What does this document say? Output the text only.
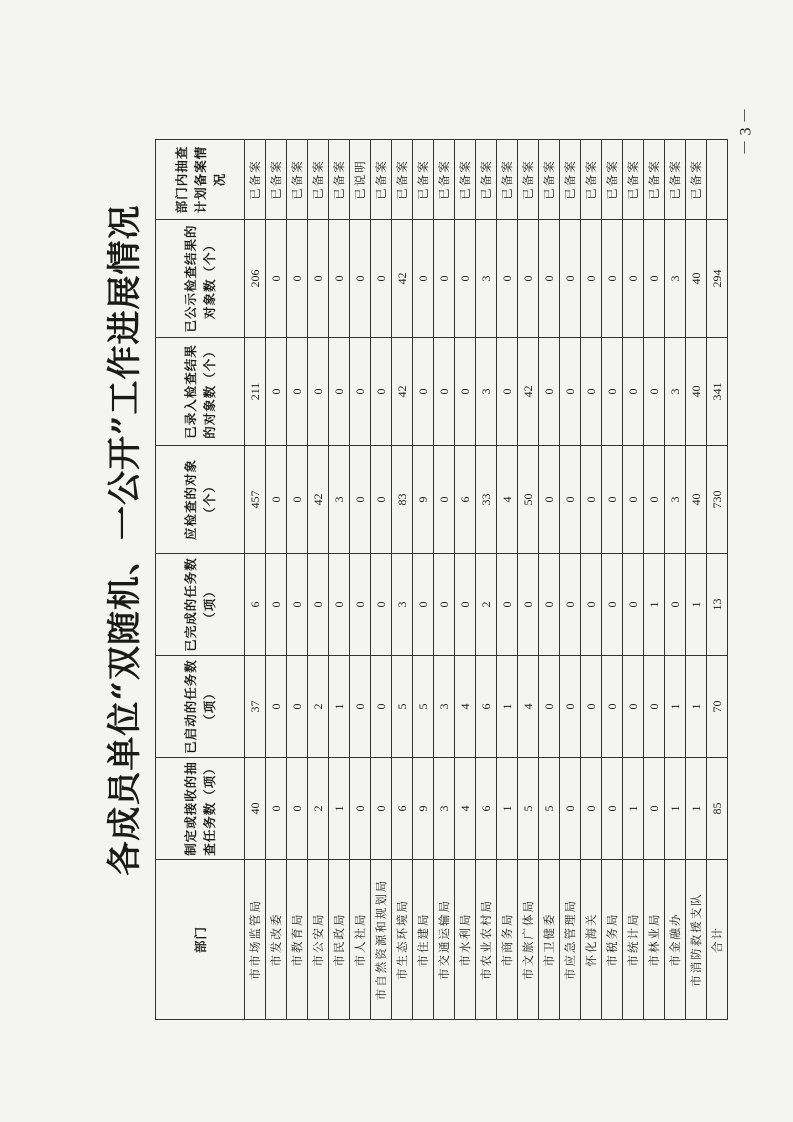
各成员单位“双随机、一公开”工作进展情况
部门	制定或接收的抽查任务数（项）	已启动的任务数（项）	已完成的任务数（项）	应检查的对象（个）	已录入检查结果的对象数（个）	已公示检查结果的对象数（个）	部门内抽查计划备案情况
市市场监管局	40	37	6	457	211	206	已备案
市发改委	0	0	0	0	0	0	已备案
市教育局	0	0	0	0	0	0	已备案
市公安局	2	2	0	42	0	0	已备案
市民政局	1	1	0	3	0	0	已备案
市人社局	0	0	0	0	0	0	已说明
市自然资源和规划局	0	0	0	0	0	0	已备案
市生态环境局	6	5	3	83	42	42	已备案
市住建局	9	5	0	9	0	0	已备案
市交通运输局	3	3	0	0	0	0	已备案
市水利局	4	4	0	6	0	0	已备案
市农业农村局	6	6	2	33	3	3	已备案
市商务局	1	1	0	4	0	0	已备案
市文旅广体局	5	4	0	50	42	0	已备案
市卫健委	5	0	0	0	0	0	已备案
市应急管理局	0	0	0	0	0	0	已备案
怀化海关	0	0	0	0	0	0	已备案
市税务局	0	0	0	0	0	0	已备案
市统计局	1	0	0	0	0	0	已备案
市林业局	0	0	1	0	0	0	已备案
市金融办	1	1	0	3	3	3	已备案
市消防救援支队	1	1	1	40	40	40	已备案
合计	85	70	13	730	341	294	
－ 3 －
